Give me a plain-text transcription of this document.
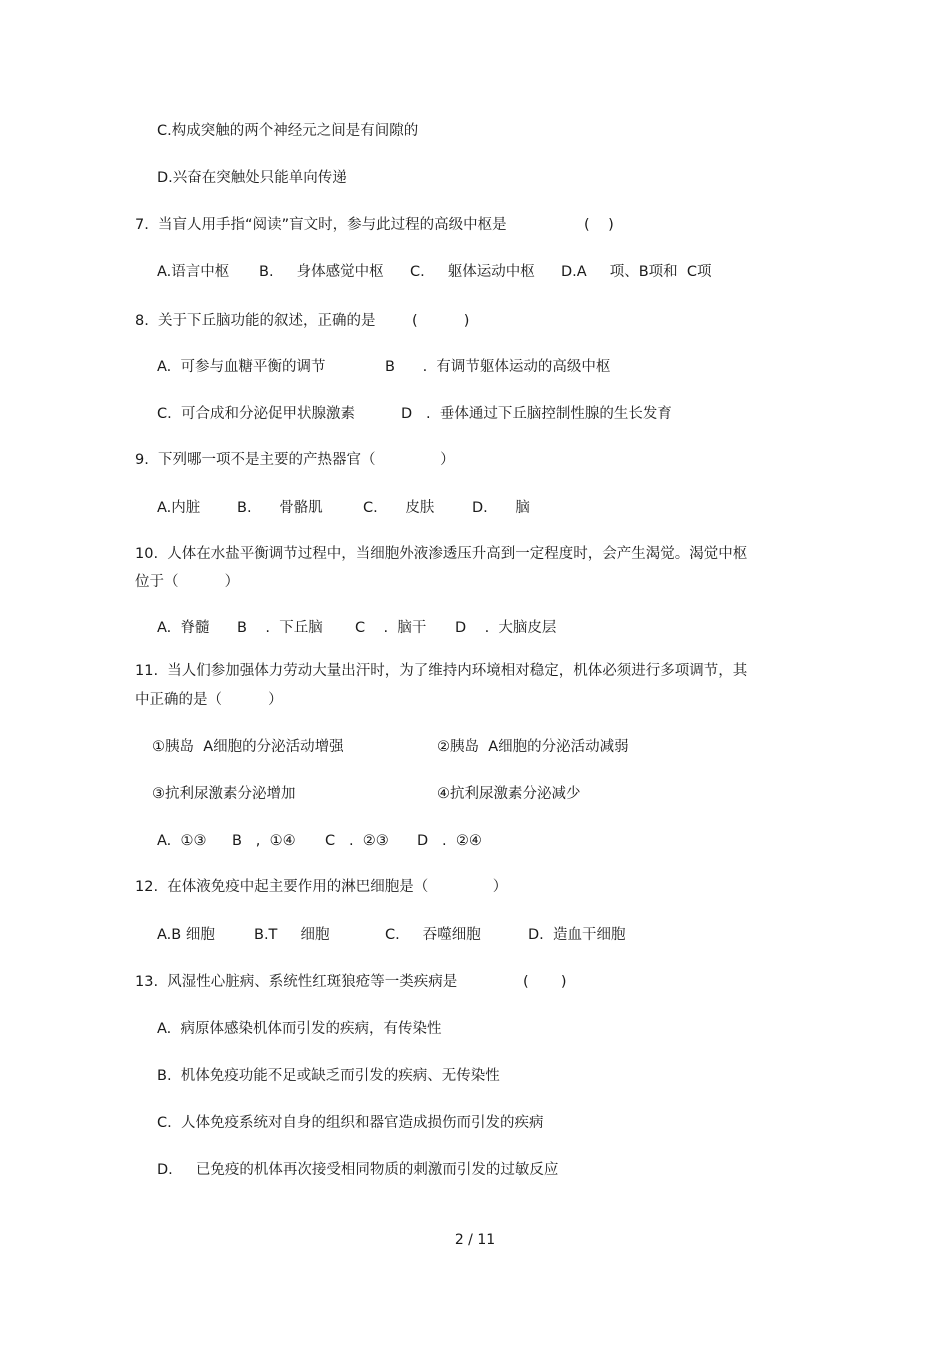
C.构成突触的两个神经元之间是有间隙的
D.兴奋在突触处只能单向传递
7.  当盲人用手指“阅读”盲文时，参与此过程的高级中枢是	(    )
A.语言中枢 B.     身体感觉中枢 C.     躯体运动中枢 D.A     项、B项和  C项
8.  关于下丘脑功能的叙述，正确的是	(          )
A.  可参与血糖平衡的调节	B      .  有调节躯体运动的高级中枢
C.  可合成和分泌促甲状腺激素	D   .  垂体通过下丘脑控制性腺的生长发育
9.  下列哪一项不是主要的产热器官（              ）
A.内脏	B.      骨骼肌	C.      皮肤	D.      脑
10.  人体在水盐平衡调节过程中，当细胞外液渗透压升高到一定程度时，会产生渴觉。渴觉中枢
位于（          ）
A.  脊髓 B    .  下丘脑 C    .  脑干 D    .  大脑皮层
11.  当人们参加强体力劳动大量出汗时，为了维持内环境相对稳定，机体必须进行多项调节，其
中正确的是（          ）
①胰岛  A细胞的分泌活动增强	②胰岛  A细胞的分泌活动减弱
③抗利尿激素分泌增加	④抗利尿激素分泌减少
A.  ①③ B   ,  ①④ C   .  ②③ D   .  ②④
12.  在体液免疫中起主要作用的淋巴细胞是（              ）
A.B 细胞	B.T     细胞	C.     吞噬细胞	D.  造血干细胞
13.  风湿性心脏病、系统性红斑狼疮等一类疾病是	(       )
A.  病原体感染机体而引发的疾病，有传染性
B.  机体免疫功能不足或缺乏而引发的疾病、无传染性
C.  人体免疫系统对自身的组织和器官造成损伤而引发的疾病
D.     已免疫的机体再次接受相同物质的刺激而引发的过敏反应
2 / 11
